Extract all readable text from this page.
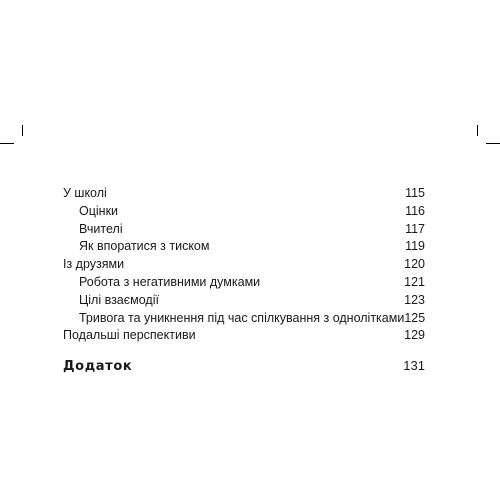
У школі	115
Оцінки	116
Вчителі	117
Як впоратися з тиском	119
Із друзями	120
Робота з негативними думками	121
Цілі взаємодії	123
Тривога та уникнення під час спілкування з однолітками 125
Подальші перспективи	129
Додаток	131
